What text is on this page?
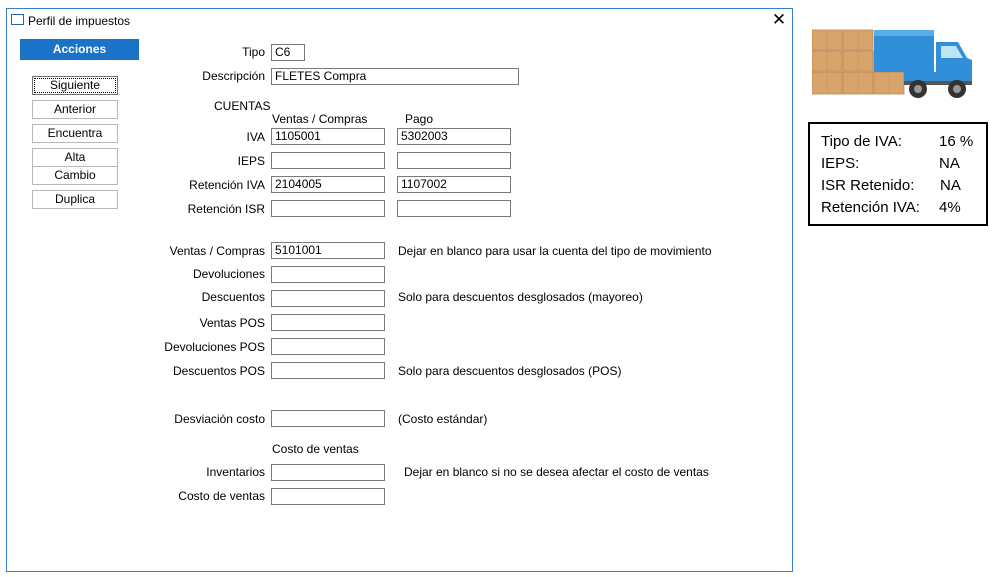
Perfil de impuestos	✕
Acciones
Siguiente
Anterior
Encuentra
Alta
Cambio
Duplica
Tipo C6
Descripción FLETES Compra
CUENTAS
Ventas / Compras	Pago
IVA 1105001	5302003
IEPS
Retención IVA 2104005	1107002
Retención ISR
Ventas / Compras 5101001	Dejar en blanco para usar la cuenta del tipo de movimiento
Devoluciones
Descuentos	Solo para descuentos desglosados (mayoreo)
Ventas POS
Devoluciones POS
Descuentos POS	Solo para descuentos desglosados (POS)
Desviación costo	(Costo estándar)
Costo de ventas
Inventarios	Dejar en blanco si no se desea afectar el costo de ventas
Costo de ventas
Tipo de IVA: 16 %
IEPS:	NA
ISR Retenido: NA
Retención IVA: 4%
